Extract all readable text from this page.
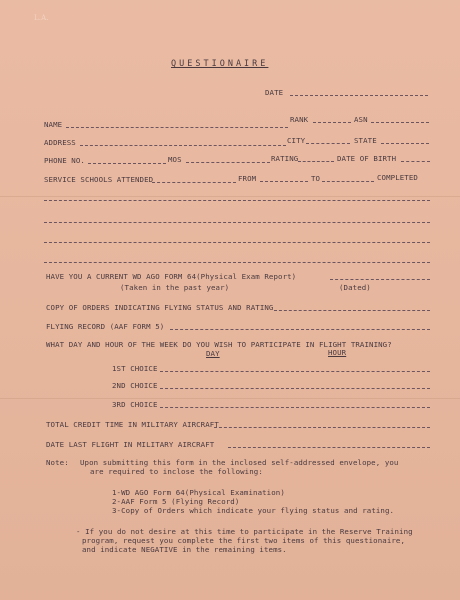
L.A.
QUESTIONAIRE
DATE
NAME
RANK	ASN
ADDRESS	CITY	STATE
PHONE NO.	MOS	RATING	DATE OF BIRTH
SERVICE SCHOOLS ATTENDED	FROM	TO	COMPLETED
HAVE YOU A CURRENT WD AGO FORM 64(Physical Exam Report)
(Taken in the past year)	(Dated)
COPY OF ORDERS INDICATING FLYING STATUS AND RATING
FLYING RECORD (AAF FORM 5)
WHAT DAY AND HOUR OF THE WEEK DO YOU WISH TO PARTICIPATE IN FLIGHT TRAINING?
DAY	HOUR
1ST CHOICE
2ND CHOICE
3RD CHOICE
TOTAL CREDIT TIME IN MILITARY AIRCRAFT
DATE LAST FLIGHT IN MILITARY AIRCRAFT
Note: Upon submitting this form in the inclosed self-addressed envelope, you
are required to inclose the following:
1-WD AGO Form 64(Physical Examination)
2-AAF Form 5 (Flying Record)
3-Copy of Orders which indicate your flying status and rating.
- If you do not desire at this time to participate in the Reserve Training
program, request you complete the first two items of this questionaire,
and indicate NEGATIVE in the remaining items.
